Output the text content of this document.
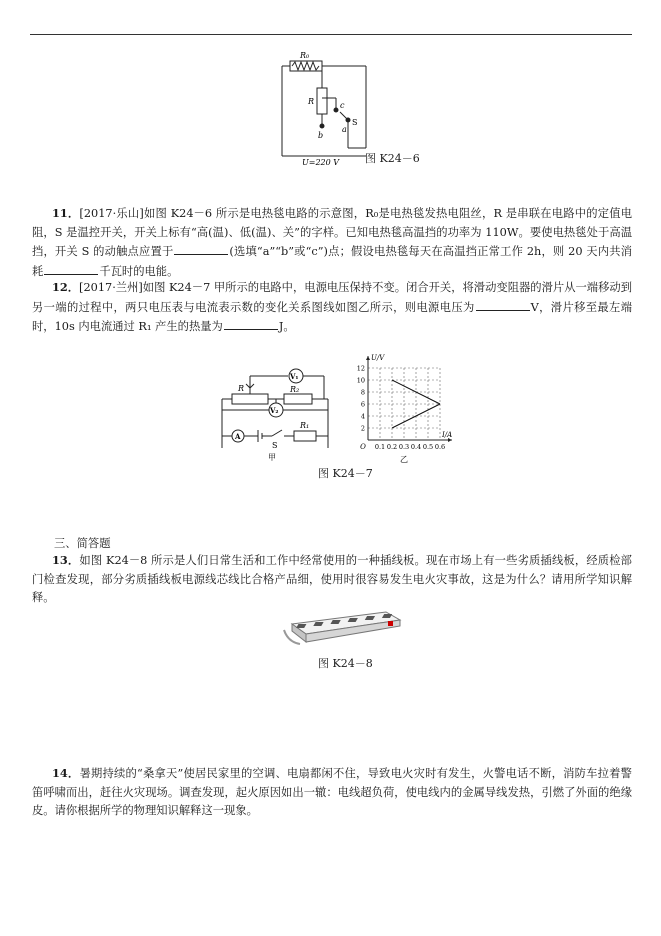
R₀
R	c
b
a
S
U=220 V 图 K24－6
11．[2017·乐山]如图 K24－6 所示是电热毯电路的示意图，R₀是电热毯发热电阻丝，R 是串联在电路中的定值电阻，S 是温控开关，开关上标有“高(温)、低(温)、关”的字样。已知电热毯高温挡的功率为 110W。要使电热毯处于高温挡，开关 S 的动触点应置于	(选填“a”“b”或“c”)点；假设电热毯每天在高温挡正常工作 2h，则 20 天内共消耗	千瓦时的电能。
12．[2017·兰州]如图 K24－7 甲所示的电路中，电源电压保持不变。闭合开关，将滑动变阻器的滑片从一端移动到另一端的过程中，两只电压表与电流表示数的变化关系图线如图乙所示，则电源电压为	V，滑片移至最左端时，10s 内电流通过 R₁ 产生的热量为	J。
R
R₁
R₂
V₁
V₂
A
S
甲
0.1 0.2 0.3 0.4 0.5 0.6
2
4
6
8
10
12
O
I/A
U/V
乙
图 K24－7
三、简答题
13．如图 K24－8 所示是人们日常生活和工作中经常使用的一种插线板。现在市场上有一些劣质插线板，经质检部门检查发现，部分劣质插线板电源线芯线比合格产品细，使用时很容易发生电火灾事故，这是为什么？请用所学知识解释。
图 K24－8
14．暑期持续的“桑拿天”使居民家里的空调、电扇都闲不住，导致电火灾时有发生，火警电话不断，消防车拉着警笛呼啸而出，赶往火灾现场。调查发现，起火原因如出一辙：电线超负荷，使电线内的金属导线发热，引燃了外面的绝缘皮。请你根据所学的物理知识解释这一现象。
